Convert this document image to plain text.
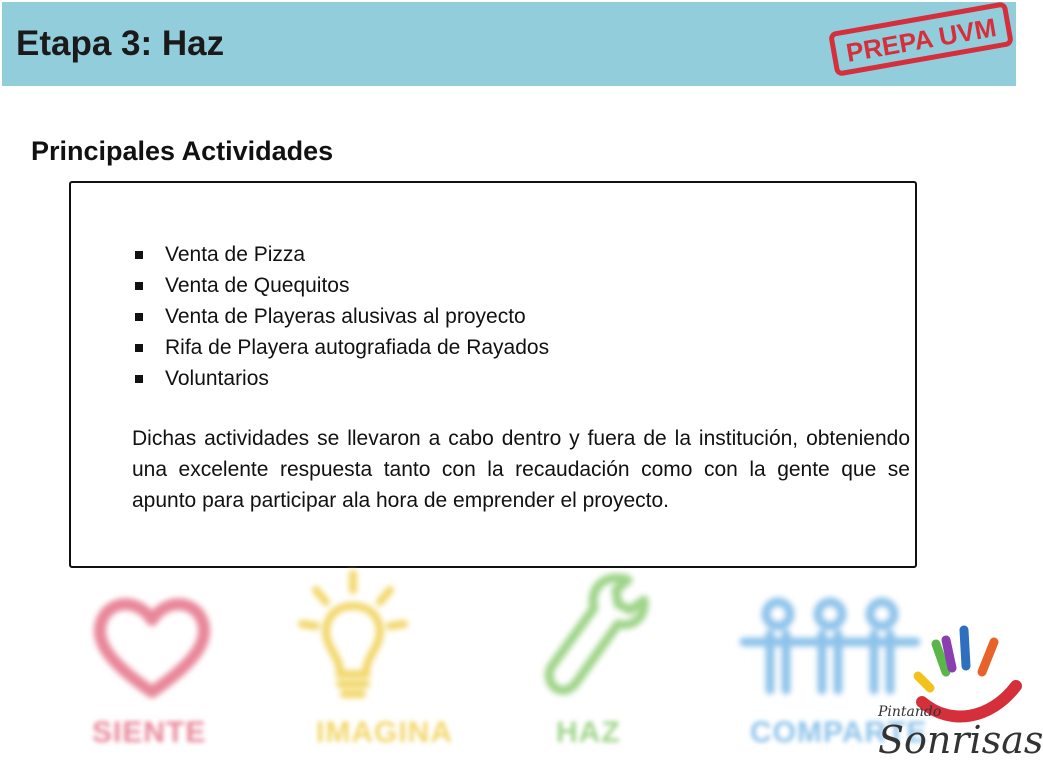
Etapa 3: Haz	PREPA UVM
Principales Actividades
Venta de Pizza
Venta de Quequitos
Venta de Playeras alusivas al proyecto
Rifa de Playera autografiada de Rayados
Voluntarios

Dichas actividades se llevaron a cabo dentro y fuera de la institución, obteniendo una excelente respuesta tanto con la recaudación como con la gente que se apunto para participar ala hora de emprender el proyecto.

SIENTE	IMAGINA	HAZ	COMPARTE
Pintando
Sonrisas
